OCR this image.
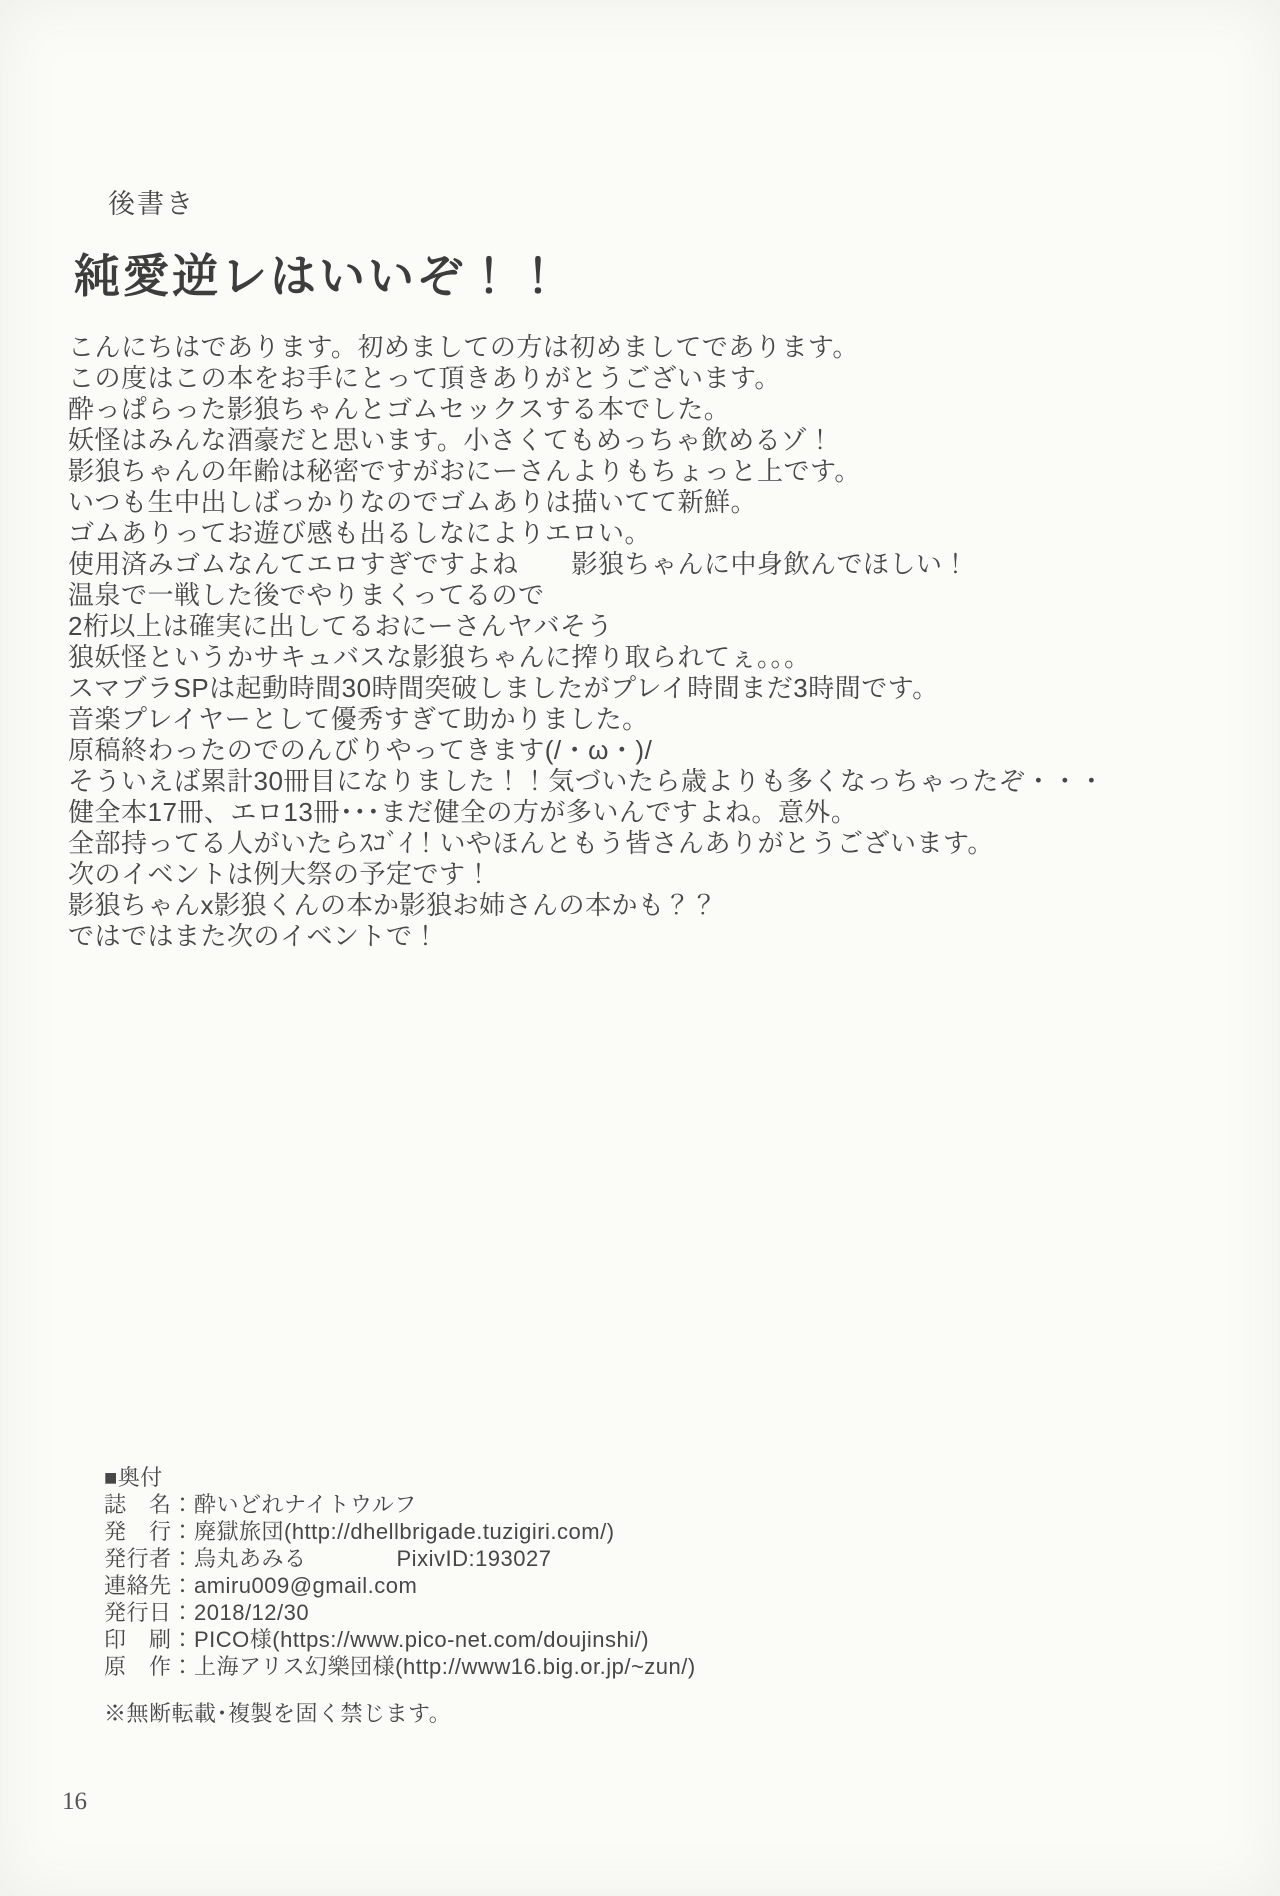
後書き
純愛逆レはいいぞ！！

こんにちはであります。初めましての方は初めましてであります。
この度はこの本をお手にとって頂きありがとうございます。

酔っぱらった影狼ちゃんとゴムセックスする本でした。
妖怪はみんな酒豪だと思います。小さくてもめっちゃ飲めるゾ！
影狼ちゃんの年齢は秘密ですがおにーさんよりもちょっと上です。

いつも生中出しばっかりなのでゴムありは描いてて新鮮。
ゴムありってお遊び感も出るしなによりエロい。
使用済みゴムなんてエロすぎですよね　　影狼ちゃんに中身飲んでほしい！

温泉で一戦した後でやりまくってるので
2桁以上は確実に出してるおにーさんヤバそう
狼妖怪というかサキュバスな影狼ちゃんに搾り取られてぇ。。。

スマブラSPは起動時間30時間突破しましたがプレイ時間まだ3時間です。
音楽プレイヤーとして優秀すぎて助かりました。
原稿終わったのでのんびりやってきます(/・ω・)/

そういえば累計30冊目になりました！！気づいたら歳よりも多くなっちゃったぞ・・・
健全本17冊、エロ13冊･･･まだ健全の方が多いんですよね。意外。
全部持ってる人がいたらｽｺﾞｲ！いやほんともう皆さんありがとうございます。

次のイベントは例大祭の予定です！
影狼ちゃんx影狼くんの本か影狼お姉さんの本かも？？
ではではまた次のイベントで！

■奥付
誌　名：酔いどれナイトウルフ
発　行：廃獄旅団(http://dhellbrigade.tuzigiri.com/)
発行者：烏丸あみる　　　　PixivID:193027
連絡先：amiru009@gmail.com
発行日：2018/12/30
印　刷：PICO様(https://www.pico-net.com/doujinshi/)
原　作：上海アリス幻樂団様(http://www16.big.or.jp/~zun/)
※無断転載･複製を固く禁じます。
16
